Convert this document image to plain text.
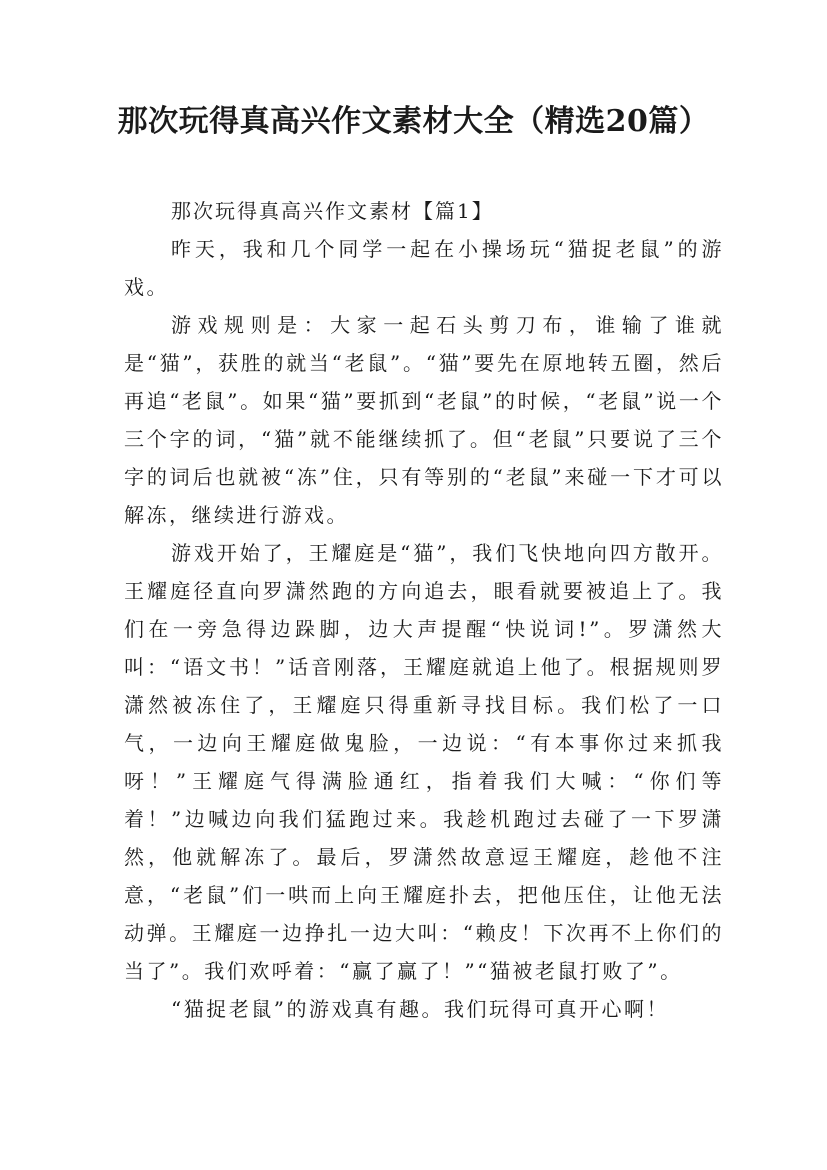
那次玩得真高兴作文素材大全（精选20篇）

那次玩得真高兴作文素材【篇1】

昨天，我和几个同学一起在小操场玩“猫捉老鼠”的游戏。

游戏规则是：大家一起石头剪刀布，谁输了谁就是“猫”，获胜的就当“老鼠”。“猫”要先在原地转五圈，然后再追“老鼠”。如果“猫”要抓到“老鼠”的时候，“老鼠”说一个三个字的词，“猫”就不能继续抓了。但“老鼠”只要说了三个字的词后也就被“冻”住，只有等别的“老鼠”来碰一下才可以解冻，继续进行游戏。

游戏开始了，王耀庭是“猫”，我们飞快地向四方散开。王耀庭径直向罗潇然跑的方向追去，眼看就要被追上了。我们在一旁急得边跺脚，边大声提醒“快说词!”。罗潇然大叫：“语文书！”话音刚落，王耀庭就追上他了。根据规则罗潇然被冻住了，王耀庭只得重新寻找目标。我们松了一口气，一边向王耀庭做鬼脸，一边说：“有本事你过来抓我呀！”王耀庭气得满脸通红，指着我们大喊：“你们等着！”边喊边向我们猛跑过来。我趁机跑过去碰了一下罗潇然，他就解冻了。最后，罗潇然故意逗王耀庭，趁他不注意，“老鼠”们一哄而上向王耀庭扑去，把他压住，让他无法动弹。王耀庭一边挣扎一边大叫：“赖皮！下次再不上你们的当了”。我们欢呼着：“赢了赢了！”“猫被老鼠打败了”。

“猫捉老鼠”的游戏真有趣。我们玩得可真开心啊！
